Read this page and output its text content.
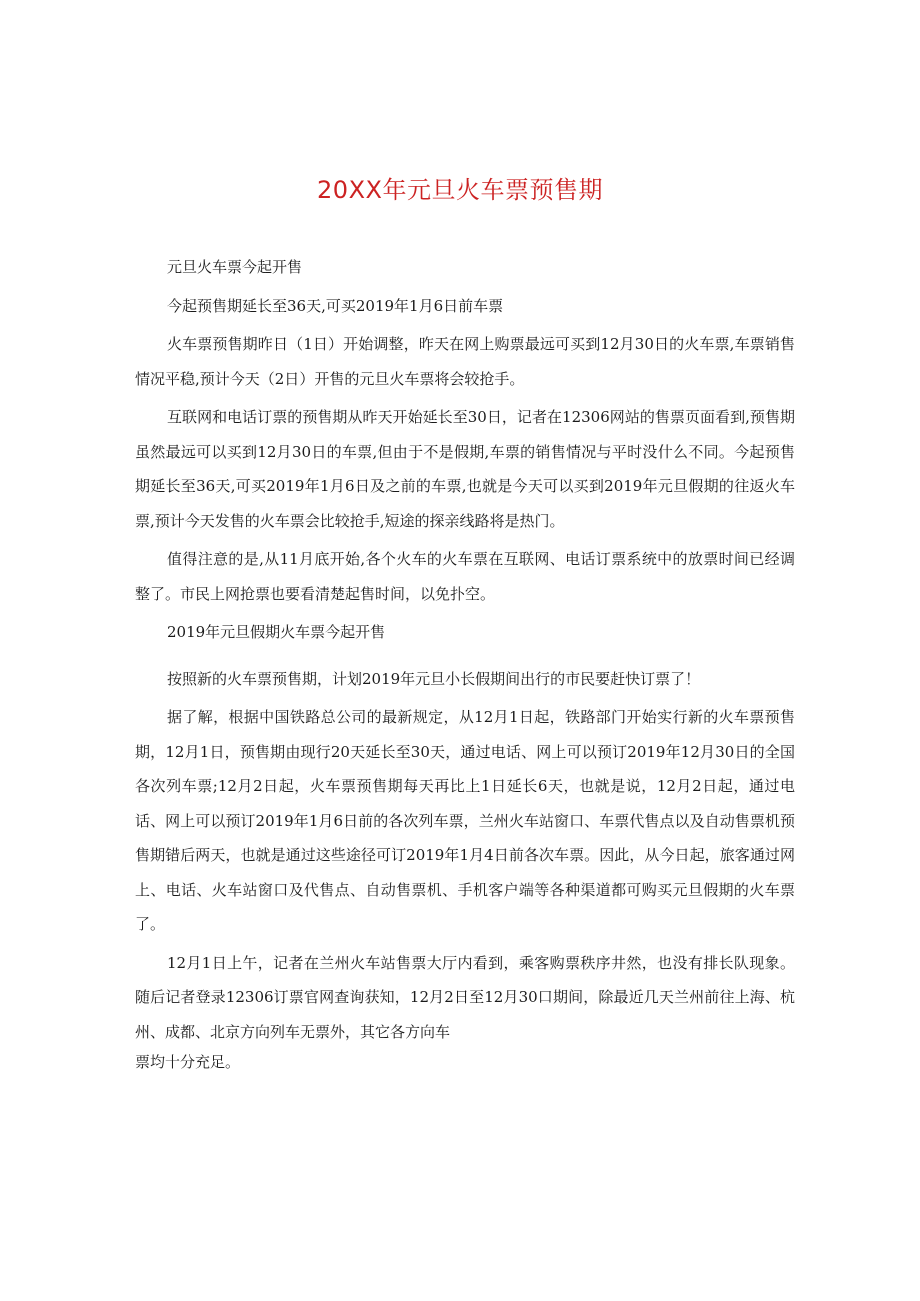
20XX年元旦火车票预售期

元旦火车票今起开售

今起预售期延长至36天,可买2019年1月6日前车票

火车票预售期昨日（1日）开始调整，昨天在网上购票最远可买到12月30日的火车票,车票销售情况平稳,预计今天（2日）开售的元旦火车票将会较抢手。

互联网和电话订票的预售期从昨天开始延长至30日，记者在12306网站的售票页面看到,预售期虽然最远可以买到12月30日的车票,但由于不是假期,车票的销售情况与平时没什么不同。今起预售期延长至36天,可买2019年1月6日及之前的车票,也就是今天可以买到2019年元旦假期的往返火车票,预计今天发售的火车票会比较抢手,短途的探亲线路将是热门。

值得注意的是,从11月底开始,各个火车的火车票在互联网、电话订票系统中的放票时间已经调整了。市民上网抢票也要看清楚起售时间，以免扑空。

2019年元旦假期火车票今起开售

按照新的火车票预售期，计划2019年元旦小长假期间出行的市民要赶快订票了！

据了解，根据中国铁路总公司的最新规定，从12月1日起，铁路部门开始实行新的火车票预售期，12月1日，预售期由现行20天延长至30天，通过电话、网上可以预订2019年12月30日的全国各次列车票;12月2日起，火车票预售期每天再比上1日延长6天，也就是说，12月2日起，通过电话、网上可以预订2019年1月6日前的各次列车票，兰州火车站窗口、车票代售点以及自动售票机预售期错后两天，也就是通过这些途径可订2019年1月4日前各次车票。因此，从今日起，旅客通过网上、电话、火车站窗口及代售点、自动售票机、手机客户端等各种渠道都可购买元旦假期的火车票了。

12月1日上午，记者在兰州火车站售票大厅内看到，乘客购票秩序井然，也没有排长队现象。随后记者登录12306订票官网查询获知，12月2日至12月30口期间，除最近几天兰州前往上海、杭州、成都、北京方向列车无票外，其它各方向车

票均十分充足。
